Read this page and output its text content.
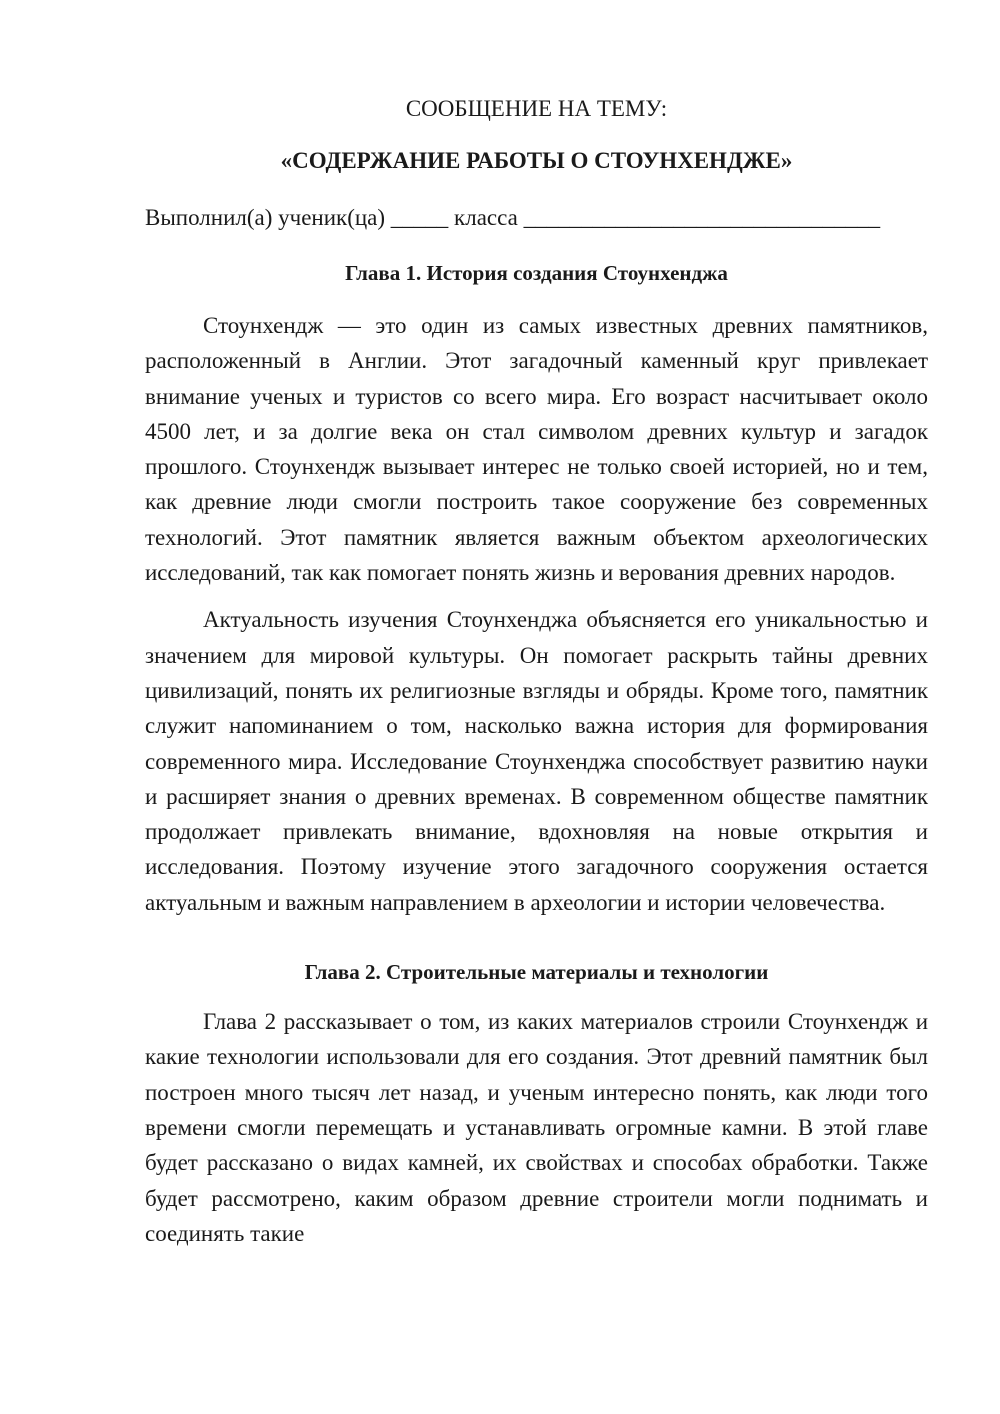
СООБЩЕНИЕ НА ТЕМУ:

«СОДЕРЖАНИЕ РАБОТЫ О СТОУНХЕНДЖЕ»

Выполнил(а) ученик(ца) _____ класса _______________________________

Глава 1. История создания Стоунхенджа

Стоунхендж — это один из самых известных древних памятников, расположенный в Англии. Этот загадочный каменный круг привлекает внимание ученых и туристов со всего мира. Его возраст насчитывает около 4500 лет, и за долгие века он стал символом древних культур и загадок прошлого. Стоунхендж вызывает интерес не только своей историей, но и тем, как древние люди смогли построить такое сооружение без современных технологий. Этот памятник является важным объектом археологических исследований, так как помогает понять жизнь и верования древних народов.

Актуальность изучения Стоунхенджа объясняется его уникальностью и значением для мировой культуры. Он помогает раскрыть тайны древних цивилизаций, понять их религиозные взгляды и обряды. Кроме того, памятник служит напоминанием о том, насколько важна история для формирования современного мира. Исследование Стоунхенджа способствует развитию науки и расширяет знания о древних временах. В современном обществе памятник продолжает привлекать внимание, вдохновляя на новые открытия и исследования. Поэтому изучение этого загадочного сооружения остается актуальным и важным направлением в археологии и истории человечества.

Глава 2. Строительные материалы и технологии

Глава 2 рассказывает о том, из каких материалов строили Стоунхендж и какие технологии использовали для его создания. Этот древний памятник был построен много тысяч лет назад, и ученым интересно понять, как люди того времени смогли перемещать и устанавливать огромные камни. В этой главе будет рассказано о видах камней, их свойствах и способах обработки. Также будет рассмотрено, каким образом древние строители могли поднимать и соединять такие
